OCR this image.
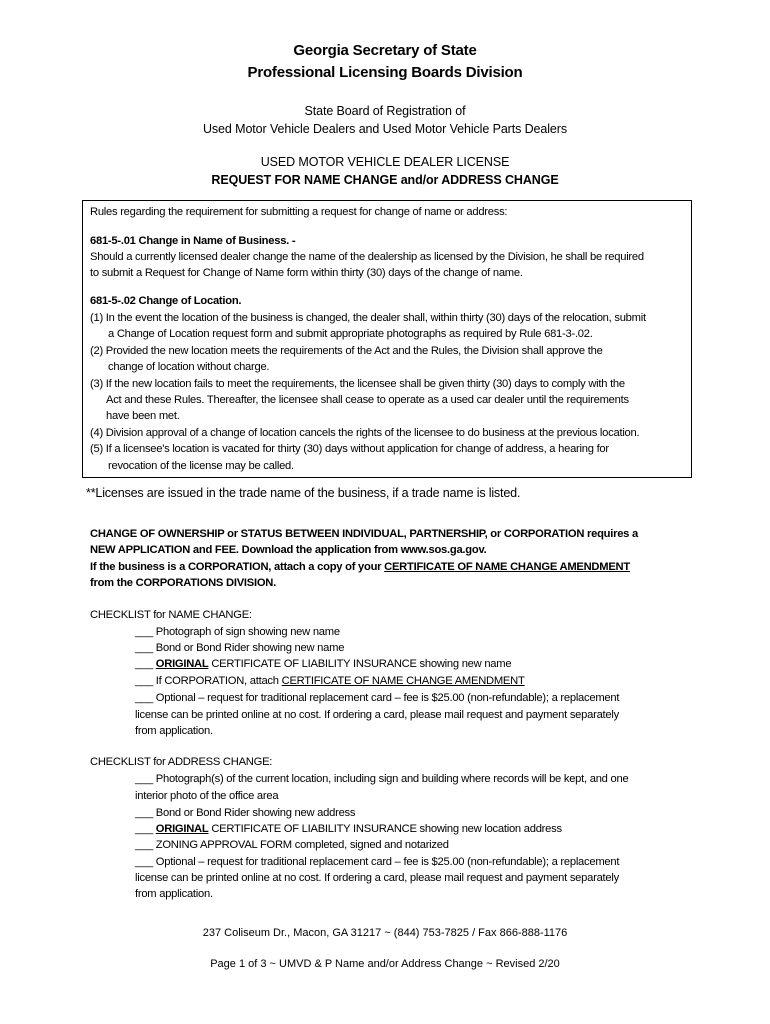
Georgia Secretary of State
Professional Licensing Boards Division
State Board of Registration of
Used Motor Vehicle Dealers and Used Motor Vehicle Parts Dealers
USED MOTOR VEHICLE DEALER LICENSE
REQUEST FOR NAME CHANGE and/or ADDRESS CHANGE
Rules regarding the requirement for submitting a request for change of name or address:
681-5-.01 Change in Name of Business. -
Should a currently licensed dealer change the name of the dealership as licensed by the Division, he shall be required
to submit a Request for Change of Name form within thirty (30) days of the change of name.
681-5-.02 Change of Location.
(1) In the event the location of the business is changed, the dealer shall, within thirty (30) days of the relocation, submit
a Change of Location request form and submit appropriate photographs as required by Rule 681-3-.02.
(2) Provided the new location meets the requirements of the Act and the Rules, the Division shall approve the
change of location without charge.
(3) If the new location fails to meet the requirements, the licensee shall be given thirty (30) days to comply with the
Act and these Rules. Thereafter, the licensee shall cease to operate as a used car dealer until the requirements
have been met.
(4) Division approval of a change of location cancels the rights of the licensee to do business at the previous location.
(5) If a licensee's location is vacated for thirty (30) days without application for change of address, a hearing for
revocation of the license may be called.
**Licenses are issued in the trade name of the business, if a trade name is listed.
CHANGE OF OWNERSHIP or STATUS BETWEEN INDIVIDUAL, PARTNERSHIP, or CORPORATION requires a
NEW APPLICATION and FEE. Download the application from www.sos.ga.gov.
If the business is a CORPORATION, attach a copy of your CERTIFICATE OF NAME CHANGE AMENDMENT
from the CORPORATIONS DIVISION.
CHECKLIST for NAME CHANGE:
___ Photograph of sign showing new name
___ Bond or Bond Rider showing new name
___ ORIGINAL CERTIFICATE OF LIABILITY INSURANCE showing new name
___ If CORPORATION, attach CERTIFICATE OF NAME CHANGE AMENDMENT
___ Optional – request for traditional replacement card – fee is $25.00 (non-refundable); a replacement
license can be printed online at no cost. If ordering a card, please mail request and payment separately
from application.
CHECKLIST for ADDRESS CHANGE:
___ Photograph(s) of the current location, including sign and building where records will be kept, and one
interior photo of the office area
___ Bond or Bond Rider showing new address
___ ORIGINAL CERTIFICATE OF LIABILITY INSURANCE showing new location address
___ ZONING APPROVAL FORM completed, signed and notarized
___ Optional – request for traditional replacement card – fee is $25.00 (non-refundable); a replacement
license can be printed online at no cost. If ordering a card, please mail request and payment separately
from application.
237 Coliseum Dr., Macon, GA 31217 ~ (844) 753-7825 / Fax 866-888-1176
Page 1 of 3 ~ UMVD & P Name and/or Address Change ~ Revised 2/20
